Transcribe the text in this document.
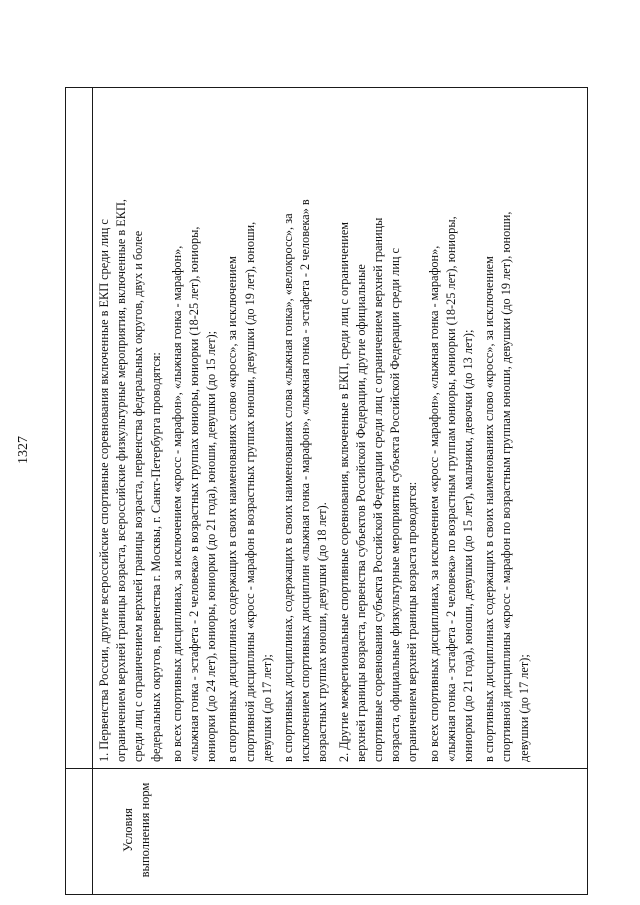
1327
Условия выполнения норм

1. Первенства России, другие всероссийские спортивные соревнования включенные в ЕКП среди лиц с ограничением верхней границы возраста, всероссийские физкультурные мероприятия, включенные в ЕКП, среди лиц с ограничением верхней границы возраста, первенства федеральных округов, двух и более федеральных округов, первенства г. Москвы, г. Санкт-Петербурга проводятся: во всех спортивных дисциплинах, за исключением «кросс - марафон», «лыжная гонка - марафон», «лыжная гонка - эстафета - 2 человека» в возрастных группах юниоры, юниорки (18-25 лет), юниоры, юниорки (до 24 лет), юниоры, юниорки (до 21 года), юноши, девушки (до 15 лет); в спортивных дисциплинах содержащих в своих наименованиях слово «кросс», за исключением спортивной дисциплины «кросс - марафон в возрастных группах юноши, девушки (до 19 лет), юноши, девушки (до 17 лет); в спортивных дисциплинах, содержащих в своих наименованиях слова «лыжная гонка», «велокросс», за исключением спортивных дисциплин «лыжная гонка - марафон», «лыжная гонка - эстафета - 2 человека» в возрастных группах юноши, девушки (до 18 лет). 2. Другие межрегиональные спортивные соревнования, включенные в ЕКП, среди лиц с ограничением верхней границы возраста, первенства субъектов Российской Федерации, другие официальные спортивные соревнования субъекта Российской Федерации среди лиц с ограничением верхней границы возраста, официальные физкультурные мероприятия субъекта Российской Федерации среди лиц с ограничением верхней границы возраста проводятся: во всех спортивных дисциплинах, за исключением «кросс - марафон», «лыжная гонка - марафон», «лыжная гонка - эстафета - 2 человека» по возрастным группам юниоры, юниорки (18-25 лет), юниоры, юниорки (до 21 года), юноши, девушки (до 15 лет), мальчики, девочки (до 13 лет); в спортивных дисциплинах содержащих в своих наименованиях слово «кросс», за исключением спортивной дисциплины «кросс - марафон по возрастным группам юноши, девушки (до 19 лет), юноши, девушки (до 17 лет);
